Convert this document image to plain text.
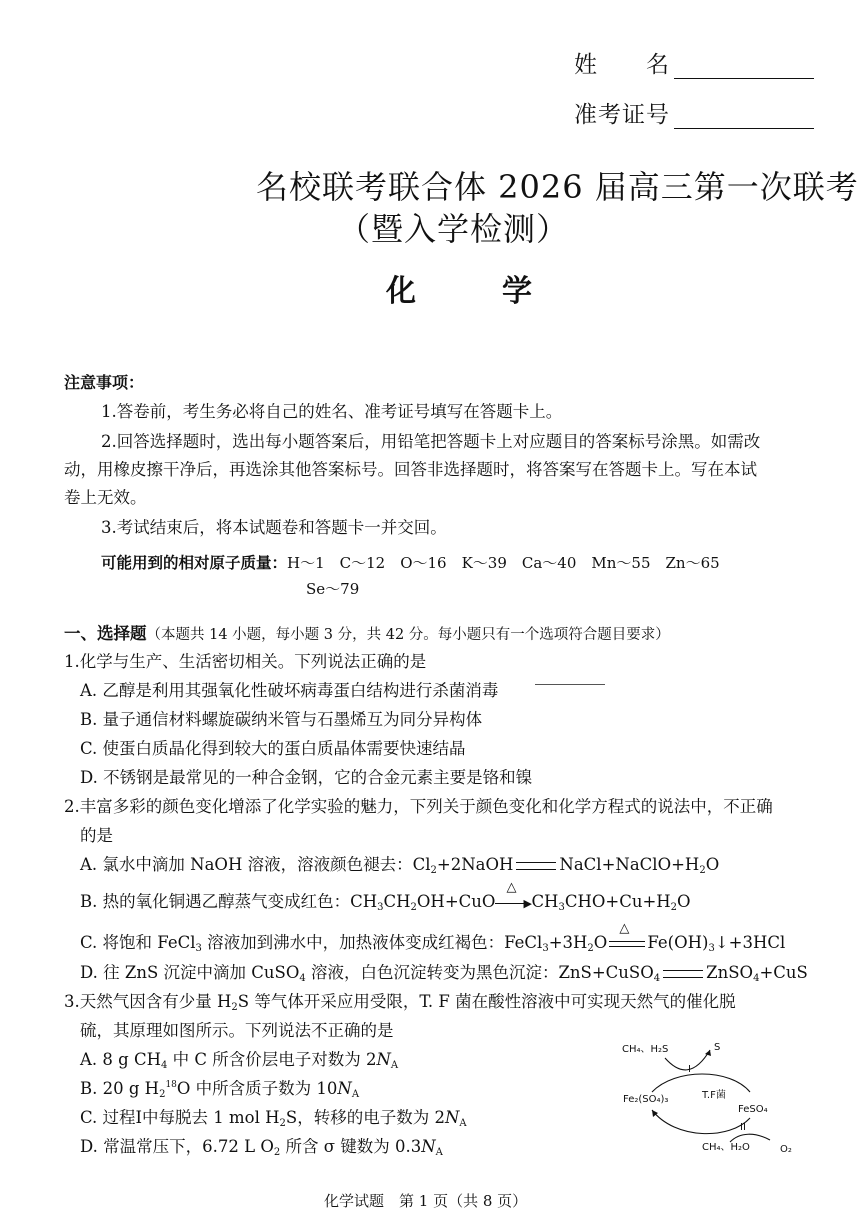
姓　　名
准考证号
名校联考联合体 2026 届高三第一次联考
（暨入学检测）
化　学
注意事项：
1.答卷前，考生务必将自己的姓名、准考证号填写在答题卡上。
2.回答选择题时，选出每小题答案后，用铅笔把答题卡上对应题目的答案标号涂黑。如需改
动，用橡皮擦干净后，再选涂其他答案标号。回答非选择题时，将答案写在答题卡上。写在本试
卷上无效。
3.考试结束后，将本试题卷和答题卡一并交回。
可能用到的相对原子质量：H～1　C～12　O～16　K～39　Ca～40　Mn～55　Zn～65
Se～79
一、选择题（本题共 14 小题，每小题 3 分，共 42 分。每小题只有一个选项符合题目要求）
1.化学与生产、生活密切相关。下列说法正确的是
A. 乙醇是利用其强氧化性破坏病毒蛋白结构进行杀菌消毒
B. 量子通信材料螺旋碳纳米管与石墨烯互为同分异构体
C. 使蛋白质晶化得到较大的蛋白质晶体需要快速结晶
D. 不锈钢是最常见的一种合金钢，它的合金元素主要是铬和镍
2.丰富多彩的颜色变化增添了化学实验的魅力，下列关于颜色变化和化学方程式的说法中，不正确
的是
A. 氯水中滴加 NaOH 溶液，溶液颜色褪去：$Cl_2+2NaOH$	$NaCl+NaClO+H_2O$
B. 热的氧化铜遇乙醇蒸气变成红色：$CH_3CH_2OH+CuO$
△
▶ $CH_3CHO+Cu+H_2O$
C. 将饱和 FeCl$_3$ 溶液加到沸水中，加热液体变成红褐色：$FeCl_3+3H_2O$
△
$Fe(OH)_3↓+3HCl$
D. 往 ZnS 沉淀中滴加 CuSO$_4$ 溶液，白色沉淀转变为黑色沉淀：ZnS+CuSO$_4$	ZnSO$_4$+CuS
3.天然气因含有少量 $H_2S$ 等气体开采应用受限，T. F 菌在酸性溶液中可实现天然气的催化脱
硫，其原理如图所示。下列说法不正确的是
A. 8 g $CH_4$ 中 C 所含价层电子对数为 $2N_A$
B. 20 g $H_2^{18}O$ 中所含质子数为 $10N_A$
C. 过程Ⅰ中每脱去 1 mol $H_2S$，转移的电子数为 $2N_A$
D. 常温常压下，6.72 L $O_2$ 所含 σ 键数为 $0.3N_A$
CH₄、H₂S	S
I
Fe₂(SO₄)₃	T.F菌
FeSO₄
II
CH₄、H₂O	O₂
化学试题　第 1 页（共 8 页）
